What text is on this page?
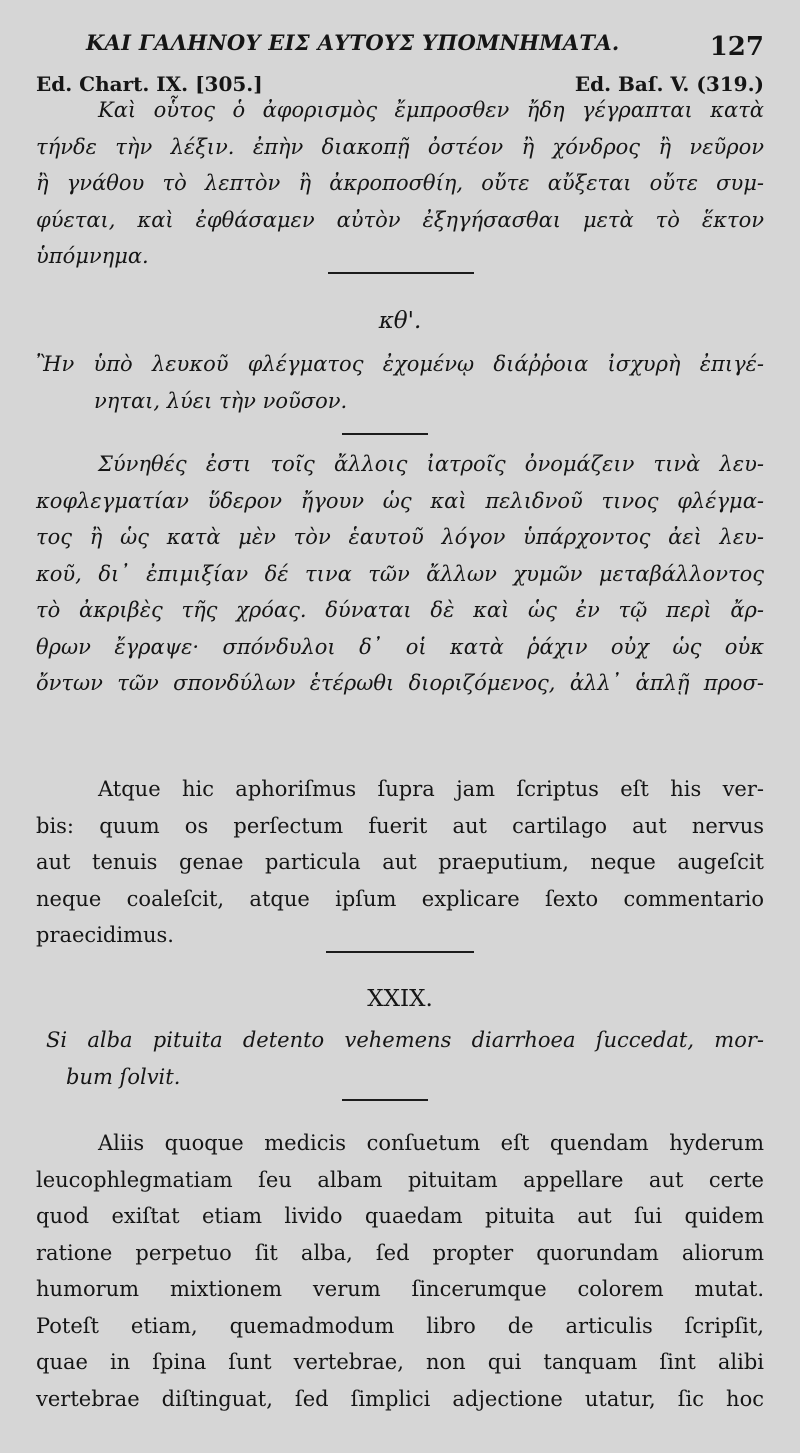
ΚΑΙ ΓΑΛΗΝΟΥ ΕΙΣ ΑΥΤΟΥΣ ΥΠΟΜΝΗΜΑΤΑ.	127
Ed. Chart. IX. [305.]	Ed. Baſ. V. (319.)
Καὶ οὗτος ὁ ἀφορισμὸς ἔμπροσθεν ἤδη γέγραπται κατὰ
τήνδε τὴν λέξιν. ἐπὴν διακοπῇ ὀστέον ἢ χόνδρος ἢ νεῦρον
ἢ γνάθου τὸ λεπτὸν ἢ ἀκροποσθίη, οὔτε αὔξεται οὔτε συμ-
φύεται, καὶ ἐφθάσαμεν αὐτὸν ἐξηγήσασθαι μετὰ τὸ ἕκτον
ὑπόμνημα.
κθ'.
Ἢν ὑπὸ λευκοῦ φλέγματος ἐχομένῳ διάῤῥοια ἰσχυρὴ ἐπιγέ-
νηται, λύει τὴν νοῦσον.
Σύνηθές ἐστι τοῖς ἄλλοις ἰατροῖς ὀνομάζειν τινὰ λευ-
κοφλεγματίαν ὕδερον ἤγουν ὡς καὶ πελιδνοῦ τινος φλέγμα-
τος ἢ ὡς κατὰ μὲν τὸν ἑαυτοῦ λόγον ὑπάρχοντος ἀεὶ λευ-
κοῦ, δι᾽ ἐπιμιξίαν δέ τινα τῶν ἄλλων χυμῶν μεταβάλλοντος
τὸ ἀκριβὲς τῆς χρόας. δύναται δὲ καὶ ὡς ἐν τῷ περὶ ἄρ-
θρων ἔγραψε· σπόνδυλοι δ᾽ οἱ κατὰ ῥάχιν οὐχ ὡς οὐκ
ὄντων τῶν σπονδύλων ἑτέρωθι διοριζόμενος, ἀλλ᾽ ἁπλῇ προσ-
Atque hic aphoriſmus ſupra jam ſcriptus eſt his ver-
bis: quum os perſectum fuerit aut cartilago aut nervus
aut tenuis genae particula aut praeputium, neque augeſcit
neque coaleſcit, atque ipſum explicare ſexto commentario
praecidimus.
XXIX.
Si alba pituita detento vehemens diarrhoea ſuccedat, mor-
bum ſolvit.
Aliis quoque medicis conſuetum eſt quendam hyderum
leucophlegmatiam ſeu albam pituitam appellare aut certe
quod exiſtat etiam livido quaedam pituita aut ſui quidem
ratione perpetuo ſit alba, ſed propter quorundam aliorum
humorum mixtionem verum ſincerumque colorem mutat.
Poteſt etiam, quemadmodum libro de articulis ſcripſit,
quae in ſpina ſunt vertebrae, non qui tanquam ſint alibi
vertebrae diſtinguat, ſed ſimplici adjectione utatur, ſic hoc
